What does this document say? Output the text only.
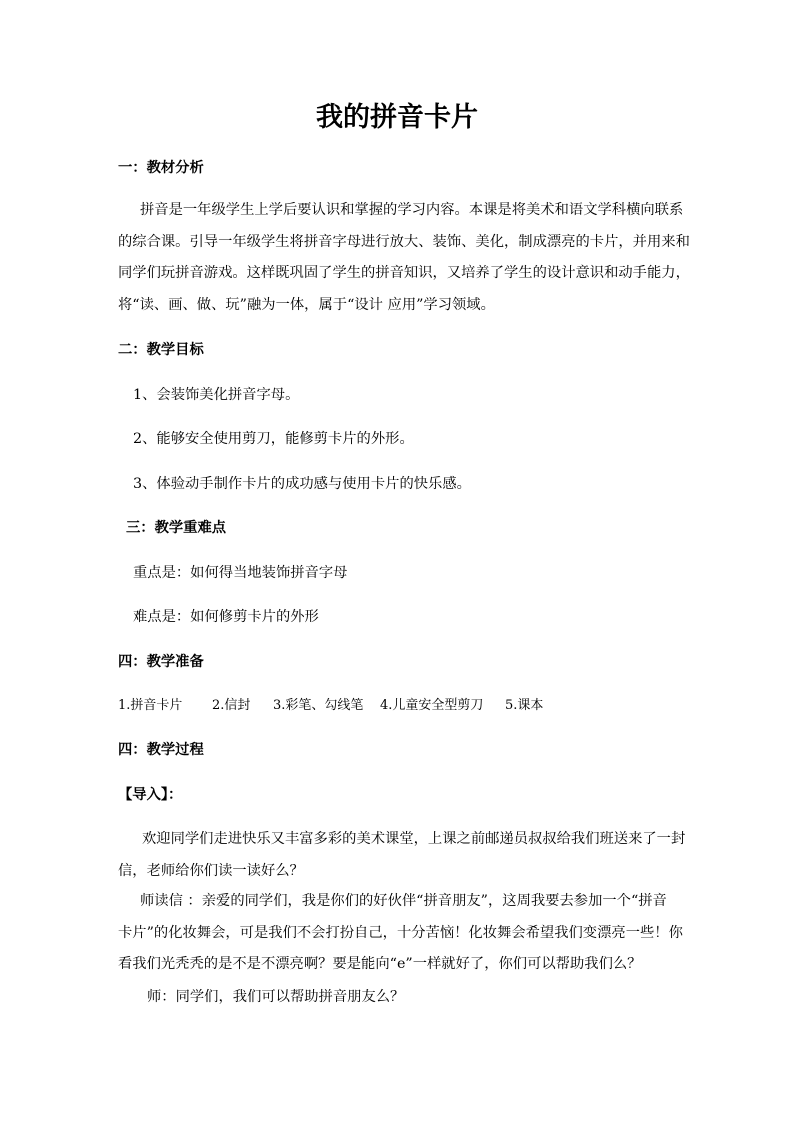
我的拼音卡片
一：教材分析
拼音是一年级学生上学后要认识和掌握的学习内容。本课是将美术和语文学科横向联系
的综合课。引导一年级学生将拼音字母进行放大、装饰、美化，制成漂亮的卡片，并用来和
同学们玩拼音游戏。这样既巩固了学生的拼音知识，又培养了学生的设计意识和动手能力，
将“读、画、做、玩”融为一体，属于“设计 应用”学习领域。
二：教学目标
1、会装饰美化拼音字母。
2、能够安全使用剪刀，能修剪卡片的外形。
3、体验动手制作卡片的成功感与使用卡片的快乐感。
三：教学重难点
重点是：如何得当地装饰拼音字母
难点是：如何修剪卡片的外形
四：教学准备
1.拼音卡片 2.信封 3.彩笔、勾线笔 4.儿童安全型剪刀 5.课本
四：教学过程
【导入】：
欢迎同学们走进快乐又丰富多彩的美术课堂，上课之前邮递员叔叔给我们班送来了一封
信，老师给你们读一读好么？
师读信 ：亲爱的同学们，我是你们的好伙伴“拼音朋友”，这周我要去参加一个“拼音
卡片”的化妆舞会，可是我们不会打扮自己，十分苦恼！化妆舞会希望我们变漂亮一些！你
看我们光秃秃的是不是不漂亮啊？要是能向“e”一样就好了，你们可以帮助我们么？
师：同学们，我们可以帮助拼音朋友么？
